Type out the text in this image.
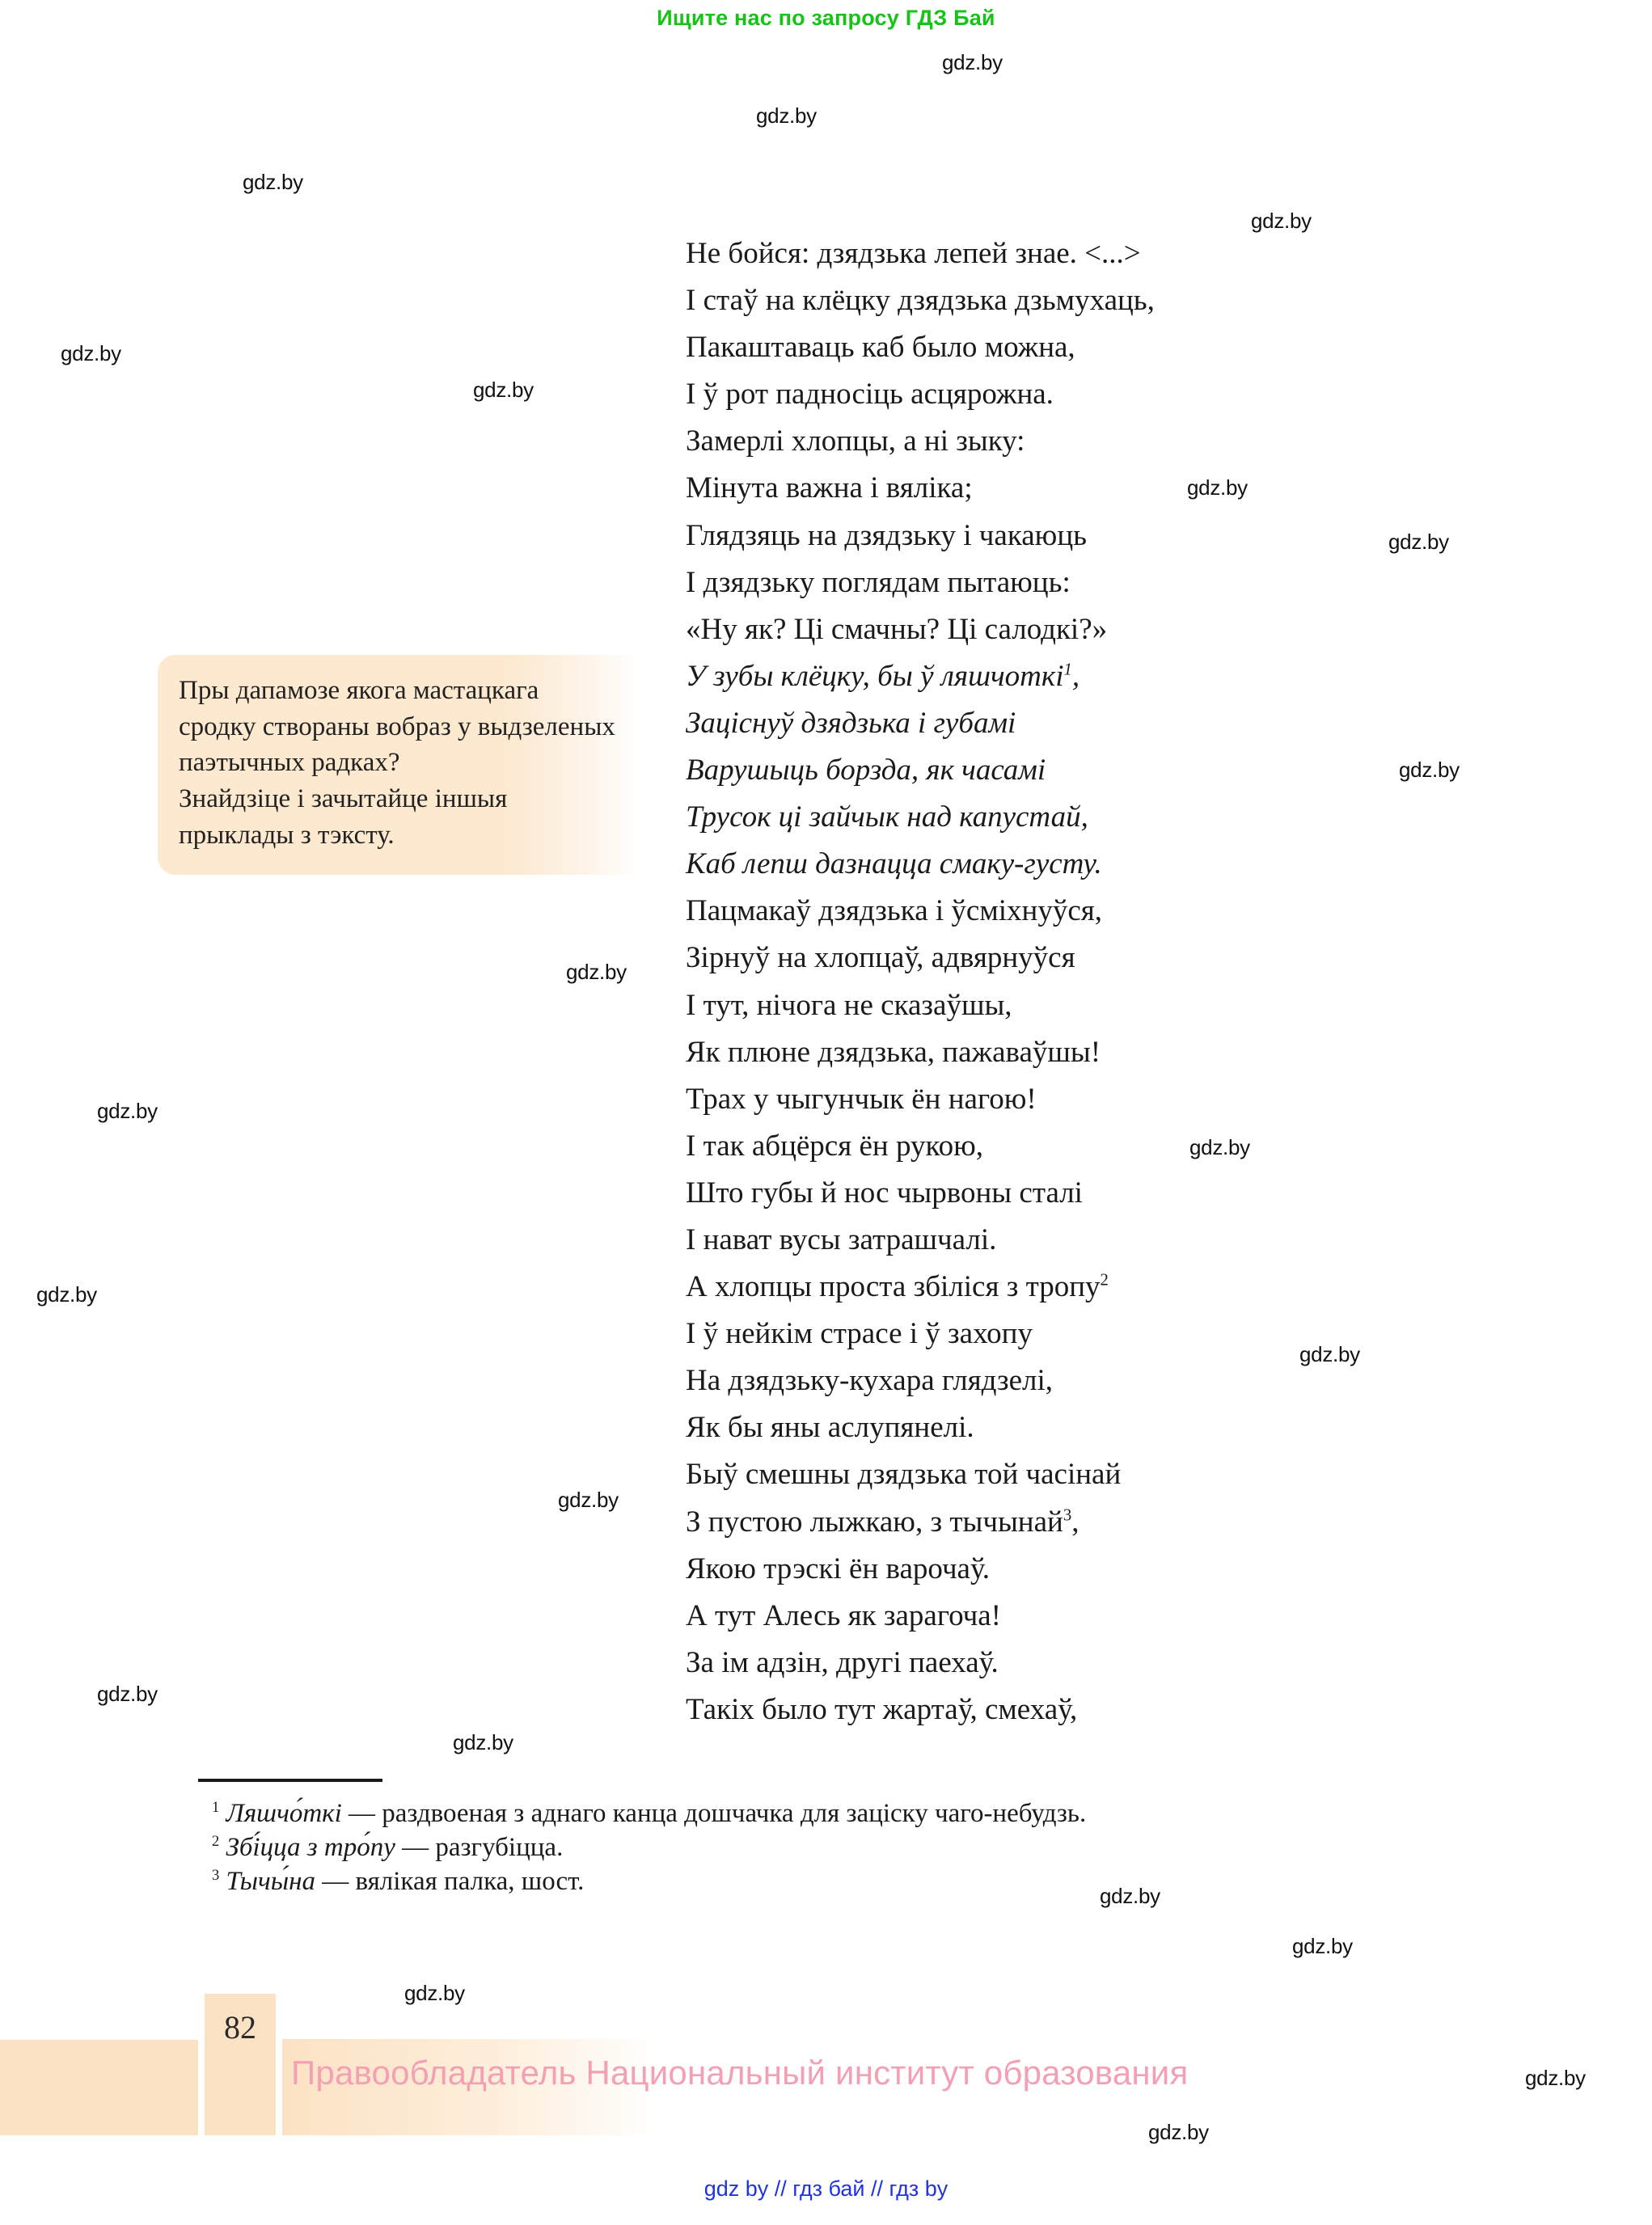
Ищите нас по запросу ГДЗ Бай
gdz.by
gdz.by
gdz.by
gdz.by
gdz.by
gdz.by
gdz.by
gdz.by
gdz.by
gdz.by
gdz.by
gdz.by
gdz.by
gdz.by
gdz.by
gdz.by
gdz.by
gdz.by
gdz.by
gdz.by
gdz.by
gdz.by

Пры дапамозе якога мастацкага сродку створаны вобраз у выдзеленых паэтычных радках?

Знайдзіце і зачытайце іншыя прыклады з тэксту.

Не бойся: дзядзька лепей знае. <...>
І стаў на клёцку дзядзька дзьмухаць,
Пакаштаваць каб было можна,
І ў рот падносіць асцярожна.
Замерлі хлопцы, а ні зыку:
Мінута важна і вяліка;
Глядзяць на дзядзьку і чакаюць
І дзядзьку поглядам пытаюць:
«Ну як? Ці смачны? Ці салодкі?»
У зубы клёцку, бы ў ляшчоткі$^1$,
Заціснуў дзядзька і губамі
Варушыць борзда, як часамі
Трусок ці зайчык над капустай,
Каб лепш дазнацца смаку-густу.
Пацмакаў дзядзька і ўсміхнуўся,
Зірнуў на хлопцаў, адвярнуўся
І тут, нічога не сказаўшы,
Як плюне дзядзька, пажаваўшы!
Трах у чыгунчык ён нагою!
І так абцёрся ён рукою,
Што губы й нос чырвоны сталі
І нават вусы затрашчалі.
А хлопцы проста збіліся з тропу$^2$
І ў нейкім страсе і ў захопу
На дзядзьку-кухара глядзелі,
Як бы яны аслупянелі.
Быў смешны дзядзька той часінай
З пустою лыжкаю, з тычынай$^3$,
Якою трэскі ён варочаў.
А тут Алесь як зарагоча!
За ім адзін, другі паехаў.
Такіх было тут жартаў, смехаў,

$^1$ Ляшчо́ткі — раздвоеная з аднаго канца дошчачка для заціску чаго-небудзь.

$^2$ Збі́цца з тро́пу — разгубіцца.

$^3$ Тычы́на — вялікая палка, шост.

82
Правообладатель Национальный институт образования
gdz by // гдз бай // гдз by
